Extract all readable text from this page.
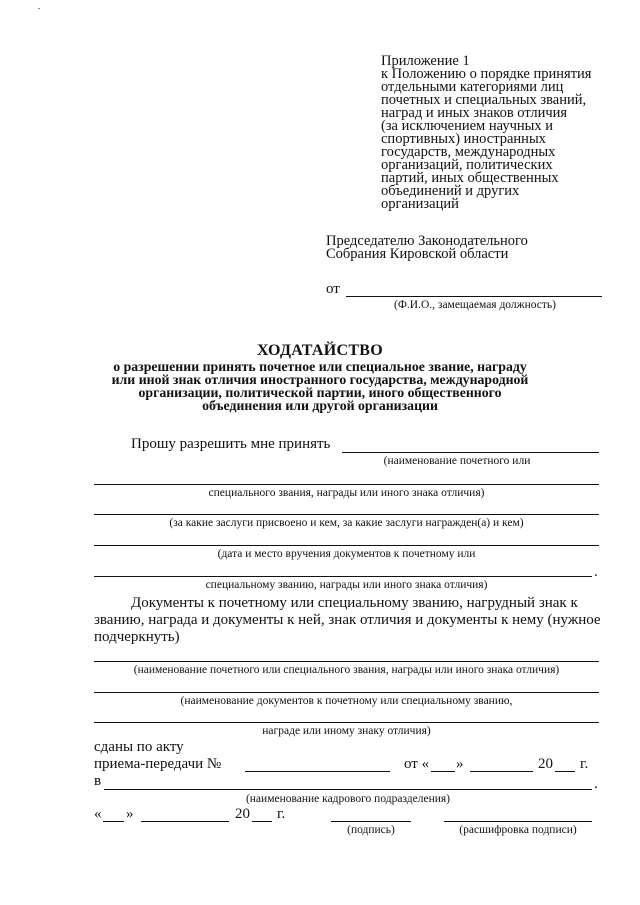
Приложение 1
к Положению о порядке принятия
отдельными категориями лиц
почетных и специальных званий,
наград и иных знаков отличия
(за исключением научных и
спортивных) иностранных
государств, международных
организаций, политических
партий, иных общественных
объединений и других
организаций
Председателю Законодательного
Собрания Кировской области
от
(Ф.И.О., замещаемая должность)
ХОДАТАЙСТВО
о разрешении принять почетное или специальное звание, награду
или иной знак отличия иностранного государства, международной
организации, политической партии, иного общественного
объединения или другой организации
Прошу разрешить мне принять
(наименование почетного или
специального звания, награды или иного знака отличия)
(за какие заслуги присвоено и кем, за какие заслуги награжден(а) и кем)
(дата и место вручения документов к почетному или
.
специальному званию, награды или иного знака отличия)
Документы к почетному или специальному званию, нагрудный знак к
званию, награда и документы к ней, знак отличия и документы к нему (нужное
подчеркнуть)
(наименование почетного или специального звания, награды или иного знака отличия)
(наименование документов к почетному или специальному званию,
награде или иному знаку отличия)
сданы по акту
приема-передачи №	от « »	20 г.
в	.
(наименование кадрового подразделения)
« »	20 г.
(подпись)	(расшифровка подписи)
